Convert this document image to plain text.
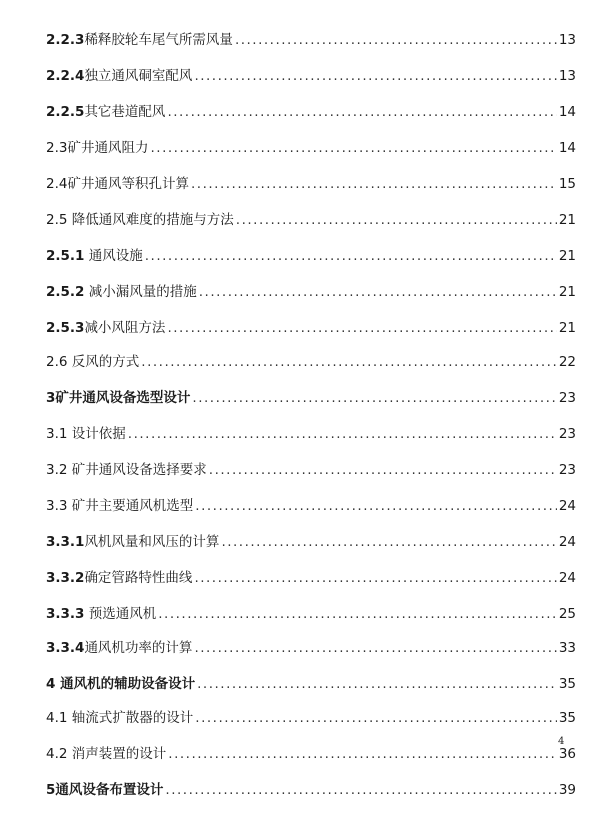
2.2.3稀释胶轮车尾气所需风量 .....	13
2.2.4独立通风硐室配风 .....	13
2.2.5其它巷道配风 .....	14
2.3矿井通风阻力 .....	14
2.4矿井通风等积孔计算 .....	15
2.5 降低通风难度的措施与方法 .....	21
2.5.1 通风设施 .....	21
2.5.2 减小漏风量的措施 .....	21
2.5.3减小风阻方法 .....	21
2.6 反风的方式 .....	22
3矿井通风设备选型设计 .....	23
3.1 设计依据 .....	23
3.2 矿井通风设备选择要求 .....	23
3.3 矿井主要通风机选型 .....	24
3.3.1风机风量和风压的计算 .....	24
3.3.2确定管路特性曲线 .....	24
3.3.3 预选通风机 .....	25
3.3.4通风机功率的计算 .....	33
4 通风机的辅助设备设计 .....	35
4.1 轴流式扩散器的设计 .....	35
4.2 消声装置的设计 .....	36
5通风设备布置设计 .....	39
4
